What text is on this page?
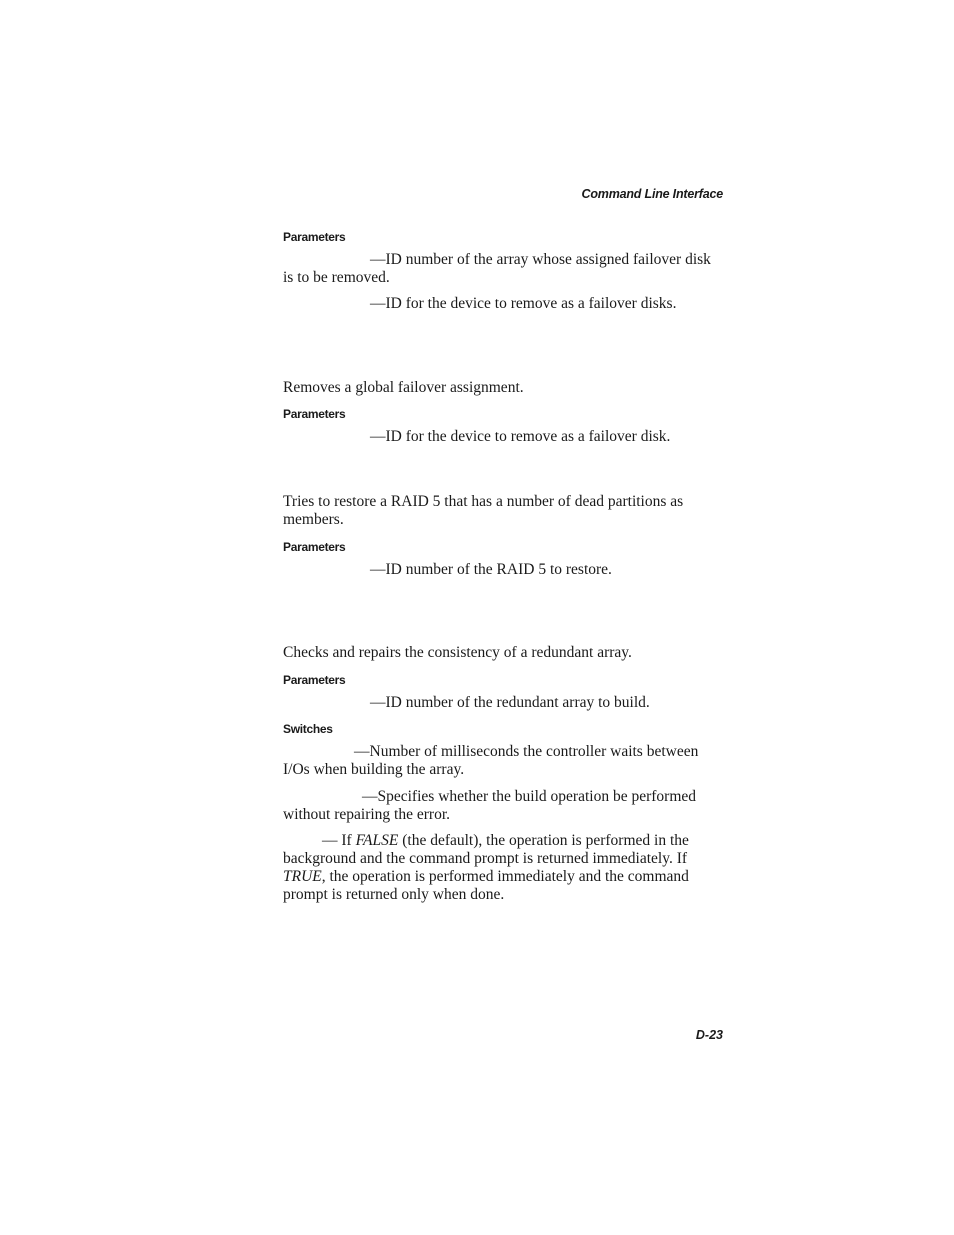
Command Line Interface
Parameters
—ID number of the array whose assigned failover disk is to be removed.
—ID for the device to remove as a failover disks.
Removes a global failover assignment.
Parameters
—ID for the device to remove as a failover disk.
Tries to restore a RAID 5 that has a number of dead partitions as members.
Parameters
—ID number of the RAID 5 to restore.
Checks and repairs the consistency of a redundant array.
Parameters
—ID number of the redundant array to build.
Switches
—Number of milliseconds the controller waits between I/Os when building the array.
—Specifies whether the build operation be performed without repairing the error.
— If FALSE (the default), the operation is performed in the background and the command prompt is returned immediately. If TRUE, the operation is performed immediately and the command prompt is returned only when done.
D-23
